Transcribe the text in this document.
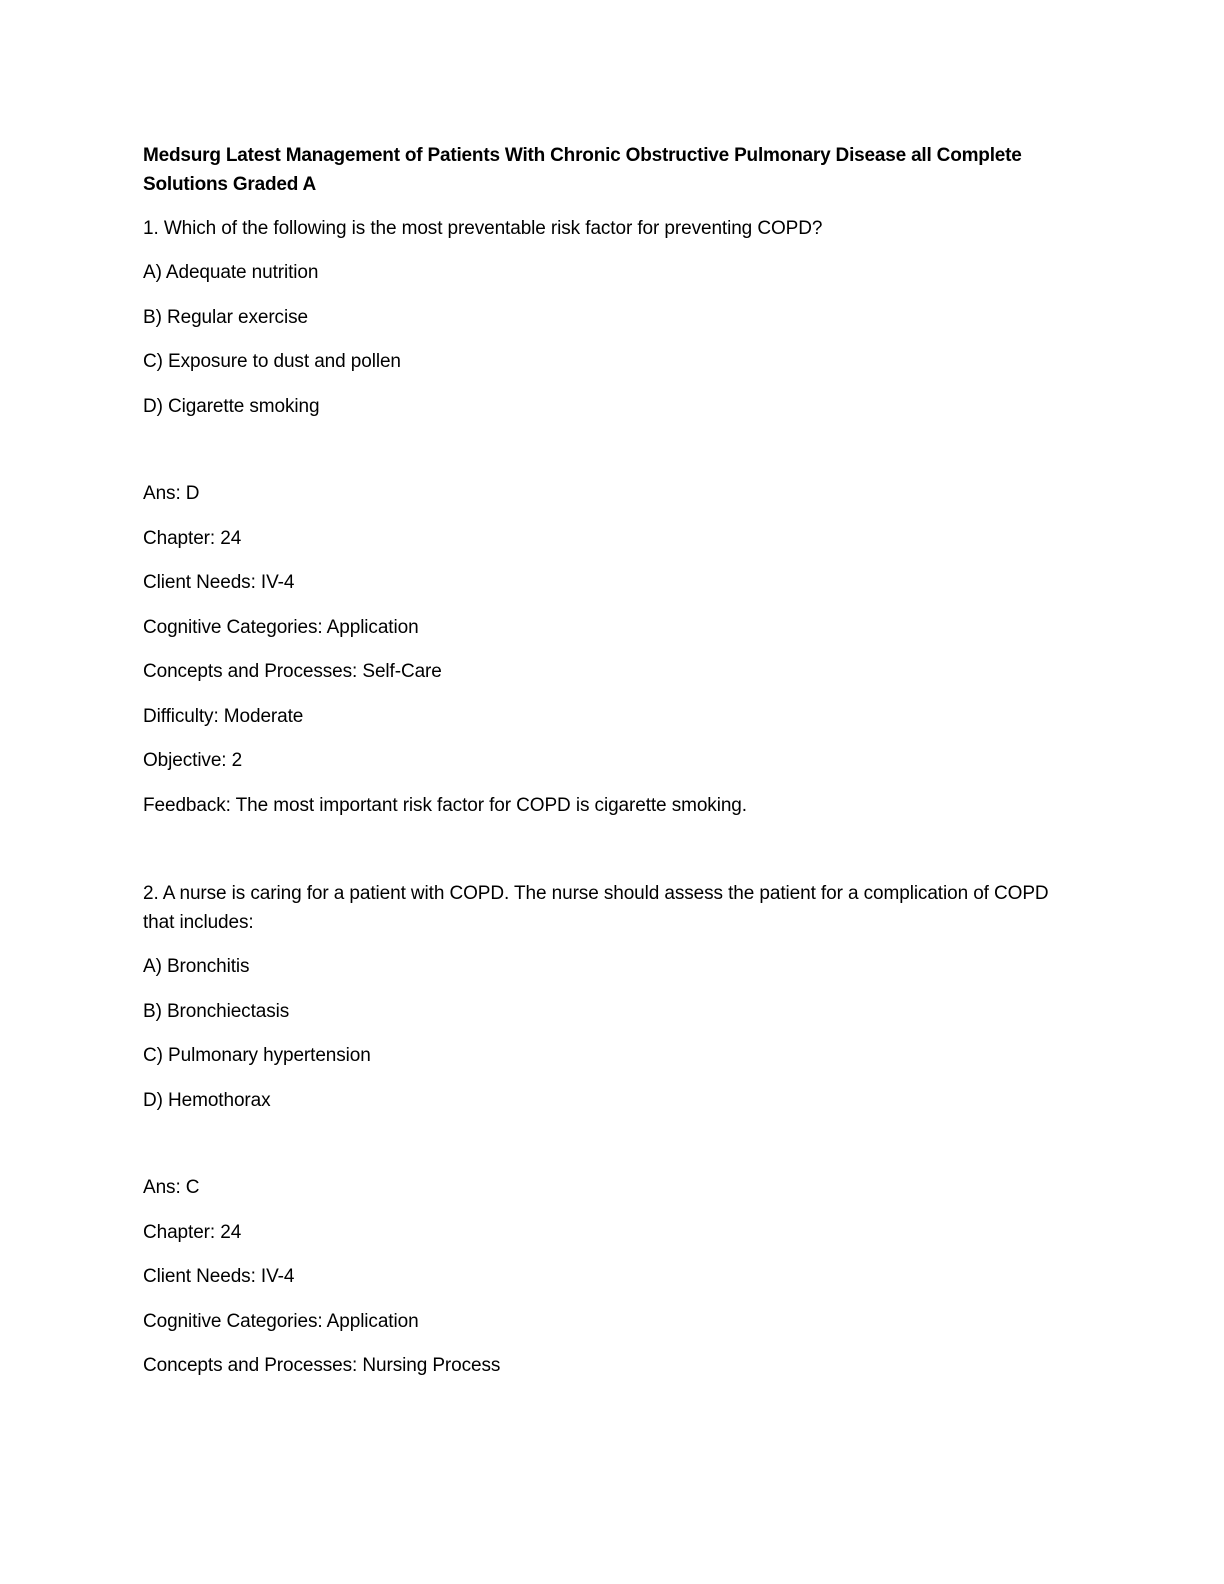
Medsurg Latest Management of Patients With Chronic Obstructive Pulmonary Disease all Complete Solutions Graded A
1. Which of the following is the most preventable risk factor for preventing COPD?
A) Adequate nutrition
B) Regular exercise
C) Exposure to dust and pollen
D) Cigarette smoking
Ans: D
Chapter: 24
Client Needs: IV-4
Cognitive Categories: Application
Concepts and Processes: Self-Care
Difficulty: Moderate
Objective: 2
Feedback: The most important risk factor for COPD is cigarette smoking.
2. A nurse is caring for a patient with COPD. The nurse should assess the patient for a complication of COPD that includes:
A) Bronchitis
B) Bronchiectasis
C) Pulmonary hypertension
D) Hemothorax
Ans: C
Chapter: 24
Client Needs: IV-4
Cognitive Categories: Application
Concepts and Processes: Nursing Process
